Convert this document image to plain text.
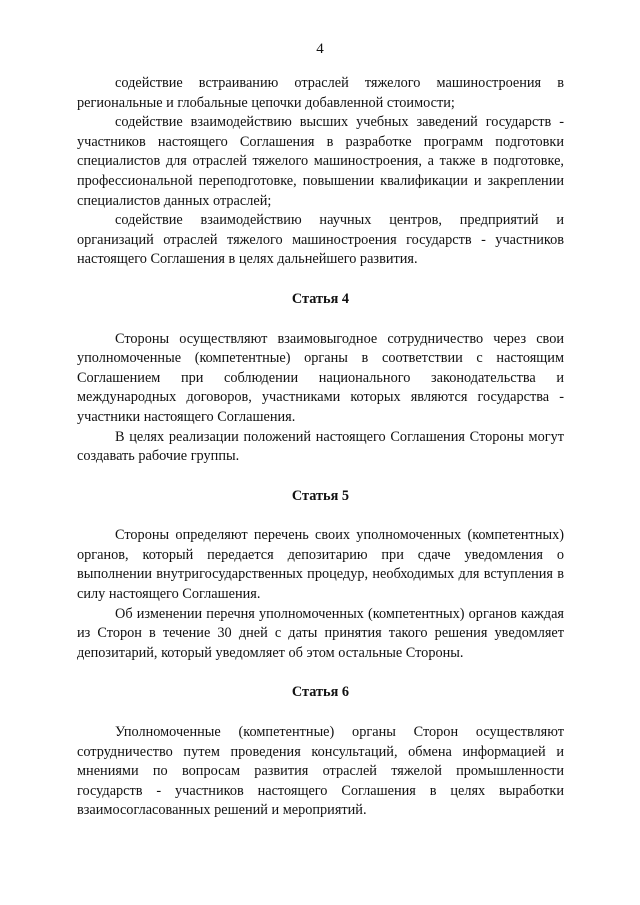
4

содействие встраиванию отраслей тяжелого машиностроения в региональные и глобальные цепочки добавленной стоимости;

содействие взаимодействию высших учебных заведений государств - участников настоящего Соглашения в разработке программ подготовки специалистов для отраслей тяжелого машиностроения, а также в подготовке, профессиональной переподготовке, повышении квалификации и закреплении специалистов данных отраслей;

содействие взаимодействию научных центров, предприятий и организаций отраслей тяжелого машиностроения государств - участников настоящего Соглашения в целях дальнейшего развития.

Статья 4

Стороны осуществляют взаимовыгодное сотрудничество через свои уполномоченные (компетентные) органы в соответствии с настоящим Соглашением при соблюдении национального законодательства и международных договоров, участниками которых являются государства - участники настоящего Соглашения.

В целях реализации положений настоящего Соглашения Стороны могут создавать рабочие группы.

Статья 5

Стороны определяют перечень своих уполномоченных (компетентных) органов, который передается депозитарию при сдаче уведомления о выполнении внутригосударственных процедур, необходимых для вступления в силу настоящего Соглашения.

Об изменении перечня уполномоченных (компетентных) органов каждая из Сторон в течение 30 дней с даты принятия такого решения уведомляет депозитарий, который уведомляет об этом остальные Стороны.

Статья 6

Уполномоченные (компетентные) органы Сторон осуществляют сотрудничество путем проведения консультаций, обмена информацией и мнениями по вопросам развития отраслей тяжелой промышленности государств - участников настоящего Соглашения в целях выработки взаимосогласованных решений и мероприятий.
